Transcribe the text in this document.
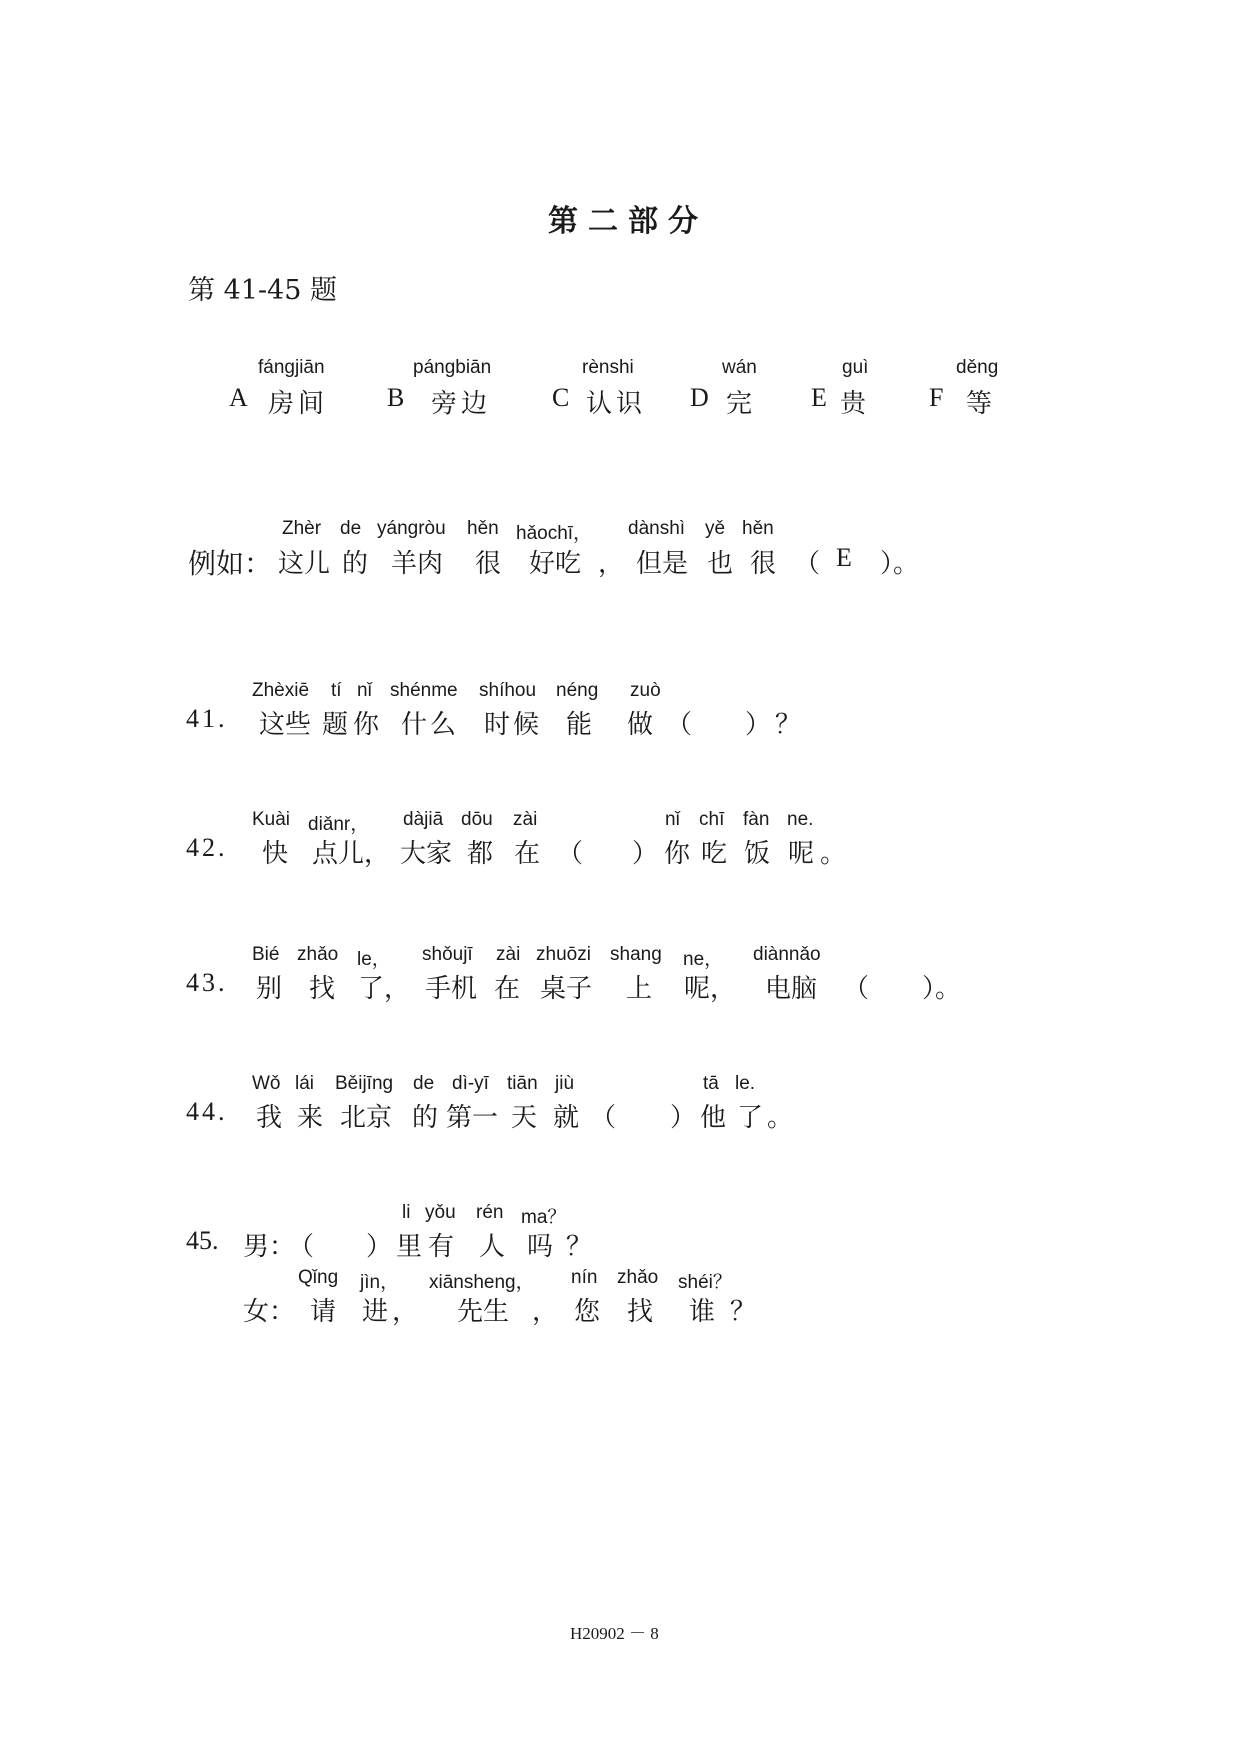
第二部分
第 41-45 题
fángjiān
A 房间
pángbiān
B 旁边
rènshi
C 认识
wán
D 完
guì
E 贵
děng
F 等
Zhèr de yángròu hěn hǎochī， dànshì yě hěn
例如： 这儿 的 羊肉 很 好吃 ， 但是 也 很 （ E ）。
Zhèxiē tí nǐ shénme shíhou néng zuò
41. 这些 题 你 什么 时候 能 做 （ ）？
Kuài diǎnr， dàjiā dōu zài	nǐ chī fàn ne.
42. 快 点儿， 大家 都 在 （ ） 你 吃 饭 呢 。
Bié zhǎo le， shǒujī zài zhuōzi shang ne， diànnǎo
43. 别 找 了， 手机 在 桌子 上 呢， 电脑 （ ）。
Wǒ lái Běijīng de dì-yī tiān jiù	tā le.
44. 我 来 北京 的 第一 天 就 （ ） 他 了 。
li yǒu rén ma？
45. 男：
（ ） 里 有 人 吗 ？
Qǐng jìn， xiānsheng， nín zhǎo shéi？
女： 请 进 ， 先生 ， 您 找 谁 ？
H20902 － 8
